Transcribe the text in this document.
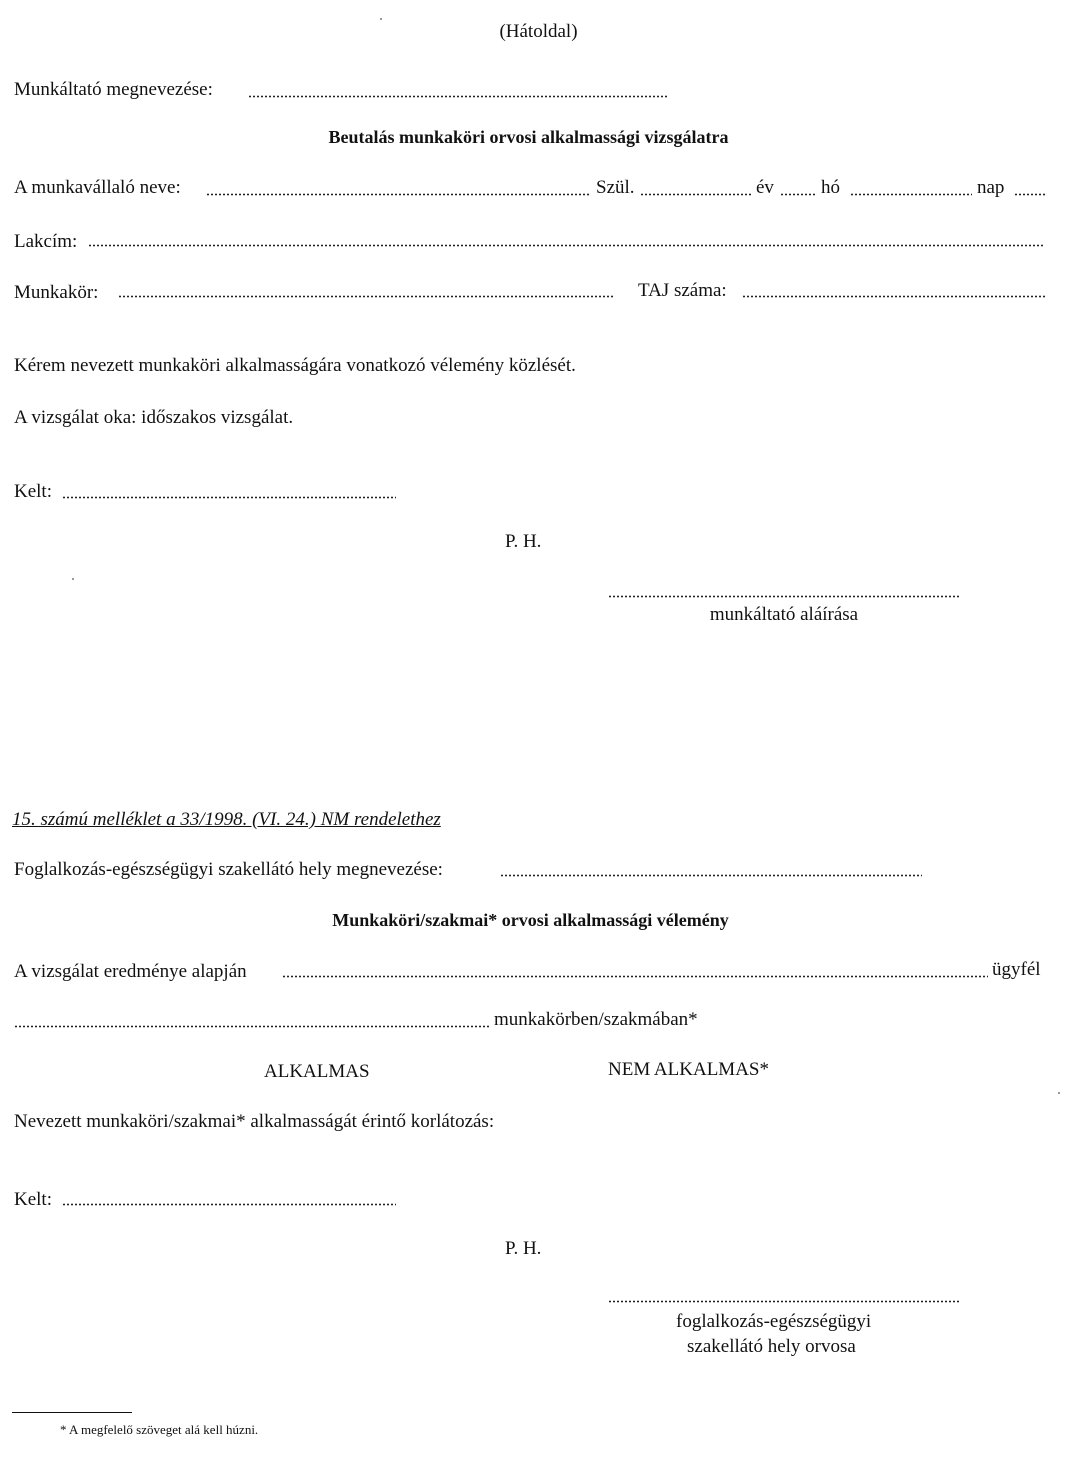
(Hátoldal)
Munkáltató megnevezése:
Beutalás munkaköri orvosi alkalmassági vizsgálatra
A munkavállaló neve:	Szül.	év hó	nap
Lakcím:
Munkakör:	TAJ száma:
Kérem nevezett munkaköri alkalmasságára vonatkozó vélemény közlését.
A vizsgálat oka: időszakos vizsgálat.
Kelt:
P. H.
munkáltató aláírása
15. számú melléklet a 33/1998. (VI. 24.) NM rendelethez
Foglalkozás-egészségügyi szakellátó hely megnevezése:
Munkaköri/szakmai* orvosi alkalmassági vélemény
A vizsgálat eredménye alapján	ügyfél
munkakörben/szakmában*
ALKALMAS	NEM ALKALMAS*
Nevezett munkaköri/szakmai* alkalmasságát érintő korlátozás:
Kelt:
P. H.
foglalkozás-egészségügyi
szakellátó hely orvosa
* A megfelelő szöveget alá kell húzni.
